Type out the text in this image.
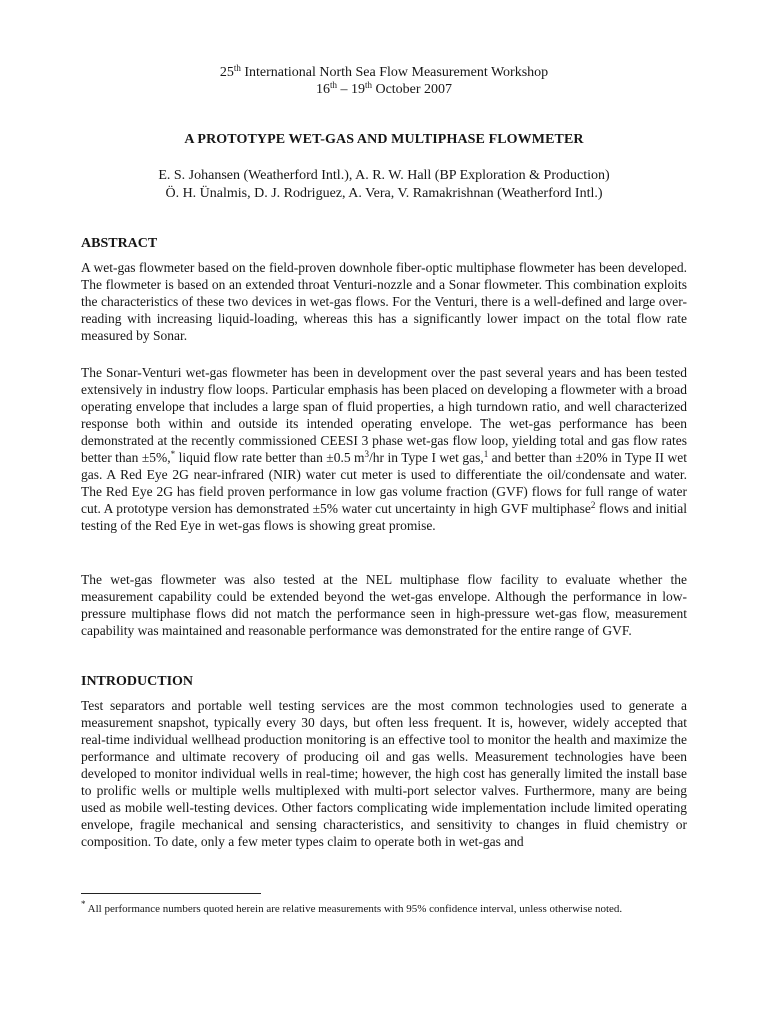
25th International North Sea Flow Measurement Workshop
16th – 19th October 2007
A PROTOTYPE WET-GAS AND MULTIPHASE FLOWMETER
E. S. Johansen (Weatherford Intl.), A. R. W. Hall (BP Exploration & Production)
Ö. H. Ünalmis, D. J. Rodriguez, A. Vera, V. Ramakrishnan (Weatherford Intl.)
ABSTRACT
A wet-gas flowmeter based on the field-proven downhole fiber-optic multiphase flowmeter has been developed. The flowmeter is based on an extended throat Venturi-nozzle and a Sonar flowmeter. This combination exploits the characteristics of these two devices in wet-gas flows. For the Venturi, there is a well-defined and large over-reading with increasing liquid-loading, whereas this has a significantly lower impact on the total flow rate measured by Sonar.
The Sonar-Venturi wet-gas flowmeter has been in development over the past several years and has been tested extensively in industry flow loops. Particular emphasis has been placed on developing a flowmeter with a broad operating envelope that includes a large span of fluid properties, a high turndown ratio, and well characterized response both within and outside its intended operating envelope. The wet-gas performance has been demonstrated at the recently commissioned CEESI 3 phase wet-gas flow loop, yielding total and gas flow rates better than ±5%,* liquid flow rate better than ±0.5 $m^3/hr$ in Type I wet gas,$^1$ and better than ±20% in Type II wet gas. A Red Eye 2G near-infrared (NIR) water cut meter is used to differentiate the oil/condensate and water. The Red Eye 2G has field proven performance in low gas volume fraction (GVF) flows for full range of water cut. A prototype version has demonstrated ±5% water cut uncertainty in high GVF multiphase$^2$ flows and initial testing of the Red Eye in wet-gas flows is showing great promise.
The wet-gas flowmeter was also tested at the NEL multiphase flow facility to evaluate whether the measurement capability could be extended beyond the wet-gas envelope. Although the performance in low-pressure multiphase flows did not match the performance seen in high-pressure wet-gas flow, measurement capability was maintained and reasonable performance was demonstrated for the entire range of GVF.
INTRODUCTION
Test separators and portable well testing services are the most common technologies used to generate a measurement snapshot, typically every 30 days, but often less frequent. It is, however, widely accepted that real-time individual wellhead production monitoring is an effective tool to monitor the health and maximize the performance and ultimate recovery of producing oil and gas wells. Measurement technologies have been developed to monitor individual wells in real-time; however, the high cost has generally limited the install base to prolific wells or multiple wells multiplexed with multi-port selector valves. Furthermore, many are being used as mobile well-testing devices. Other factors complicating wide implementation include limited operating envelope, fragile mechanical and sensing characteristics, and sensitivity to changes in fluid chemistry or composition. To date, only a few meter types claim to operate both in wet-gas and
* All performance numbers quoted herein are relative measurements with 95% confidence interval, unless otherwise noted.
